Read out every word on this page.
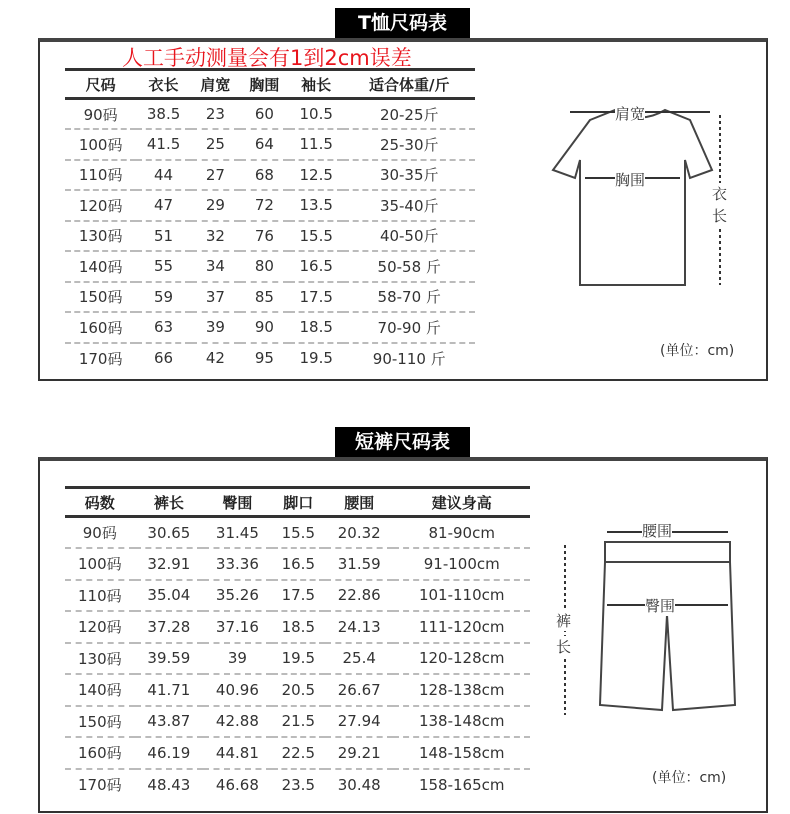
T恤尺码表
人工手动测量会有1到2cm误差
尺码	衣长	肩宽	胸围	袖长	适合体重/斤
90码	38.5	23	60	10.5	20-25斤
100码	41.5	25	64	11.5	25-30斤
110码	44	27	68	12.5	30-35斤
120码	47	29	72	13.5	35-40斤
130码	51	32	76	15.5	40-50斤
140码	55	34	80	16.5	50-58 斤
150码	59	37	85	17.5	58-70 斤
160码	63	39	90	18.5	70-90 斤
170码	66	42	95	19.5	90-110 斤
肩宽
胸围
衣
长
(单位：cm)
短裤尺码表
码数	裤长	臀围	脚口	腰围	建议身高
90码	30.65	31.45	15.5	20.32	81-90cm
100码	32.91	33.36	16.5	31.59	91-100cm
110码	35.04	35.26	17.5	22.86	101-110cm
120码	37.28	37.16	18.5	24.13	111-120cm
130码	39.59	39	19.5	25.4	120-128cm
140码	41.71	40.96	20.5	26.67	128-138cm
150码	43.87	42.88	21.5	27.94	138-148cm
160码	46.19	44.81	22.5	29.21	148-158cm
170码	48.43	46.68	23.5	30.48	158-165cm
腰围
臀围
裤
长
(单位：cm)
